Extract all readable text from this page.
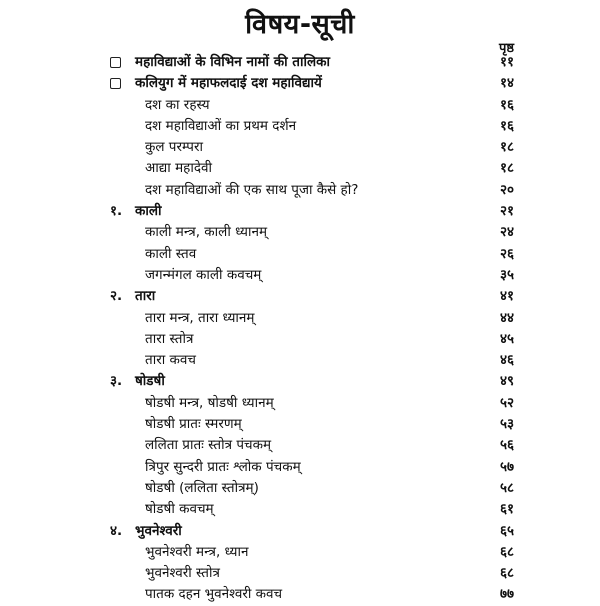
विषय-सूची
पृष्ठ
महाविद्याओं के विभिन नामों की तालिका	११
कलियुग में महाफलदाई दश महाविद्यायें	१४
दश का रहस्य	१६
दश महाविद्याओं का प्रथम दर्शन	१६
कुल परम्परा	१८
आद्या महादेवी	१८
दश महाविद्याओं की एक साथ पूजा कैसे हो?	२०
१. काली	२१
काली मन्त्र, काली ध्यानम्	२४
काली स्तव	२६
जगन्मंगल काली कवचम्	३५
२. तारा	४१
तारा मन्त्र, तारा ध्यानम्	४४
तारा स्तोत्र	४५
तारा कवच	४६
३. षोडषी	४९
षोडषी मन्त्र, षोडषी ध्यानम्	५२
षोडषी प्रातः स्मरणम्	५३
ललिता प्रातः स्तोत्र पंचकम्	५६
त्रिपुर सुन्दरी प्रातः श्लोक पंचकम्	५७
षोडषी (ललिता स्तोत्रम्)	५८
षोडषी कवचम्	६१
४. भुवनेश्वरी	६५
भुवनेश्वरी मन्त्र, ध्यान	६८
भुवनेश्वरी स्तोत्र	६८
पातक दहन भुवनेश्वरी कवच	७७
